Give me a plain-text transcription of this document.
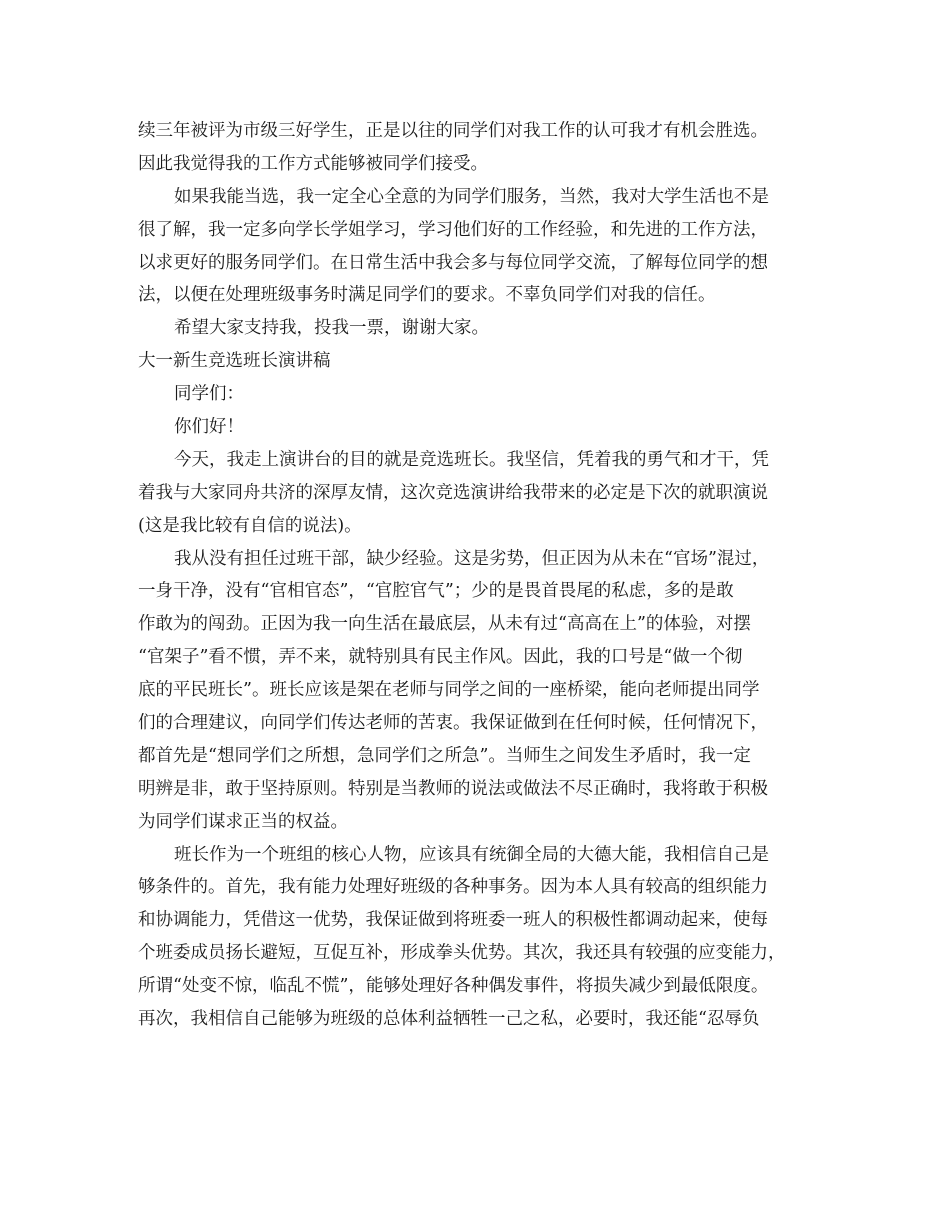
续三年被评为市级三好学生，正是以往的同学们对我工作的认可我才有机会胜选。
因此我觉得我的工作方式能够被同学们接受。
如果我能当选，我一定全心全意的为同学们服务，当然，我对大学生活也不是
很了解，我一定多向学长学姐学习，学习他们好的工作经验，和先进的工作方法，
以求更好的服务同学们。在日常生活中我会多与每位同学交流，了解每位同学的想
法，以便在处理班级事务时满足同学们的要求。不辜负同学们对我的信任。
希望大家支持我，投我一票，谢谢大家。
大一新生竞选班长演讲稿
同学们：
你们好！
今天，我走上演讲台的目的就是竞选班长。我坚信，凭着我的勇气和才干，凭
着我与大家同舟共济的深厚友情，这次竞选演讲给我带来的必定是下次的就职演说
(这是我比较有自信的说法)。
我从没有担任过班干部，缺少经验。这是劣势，但正因为从未在“官场”混过，
一身干净，没有“官相官态”，“官腔官气”；少的是畏首畏尾的私虑，多的是敢
作敢为的闯劲。正因为我一向生活在最底层，从未有过“高高在上”的体验，对摆
“官架子”看不惯，弄不来，就特别具有民主作风。因此，我的口号是“做一个彻
底的平民班长”。班长应该是架在老师与同学之间的一座桥梁，能向老师提出同学
们的合理建议，向同学们传达老师的苦衷。我保证做到在任何时候，任何情况下，
都首先是“想同学们之所想，急同学们之所急”。当师生之间发生矛盾时，我一定
明辨是非，敢于坚持原则。特别是当教师的说法或做法不尽正确时，我将敢于积极
为同学们谋求正当的权益。
班长作为一个班组的核心人物，应该具有统御全局的大德大能，我相信自己是
够条件的。首先，我有能力处理好班级的各种事务。因为本人具有较高的组织能力
和协调能力，凭借这一优势，我保证做到将班委一班人的积极性都调动起来，使每
个班委成员扬长避短，互促互补，形成拳头优势。其次，我还具有较强的应变能力，
所谓“处变不惊，临乱不慌”，能够处理好各种偶发事件，将损失减少到最低限度。
再次，我相信自己能够为班级的总体利益牺牲一己之私，必要时，我还能“忍辱负
